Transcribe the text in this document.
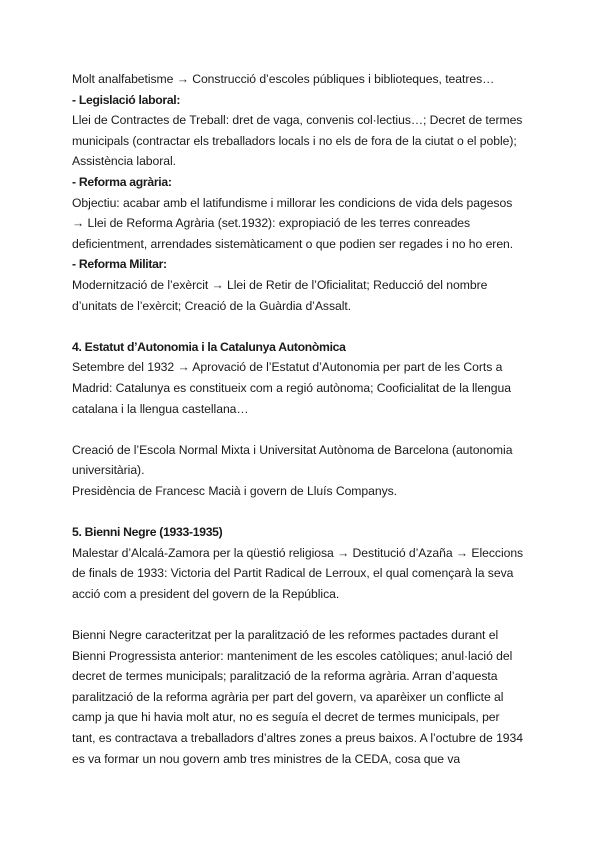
Molt analfabetisme → Construcció d’escoles públiques i biblioteques, teatres…
- Legislació laboral:
Llei de Contractes de Treball: dret de vaga, convenis col·lectius…; Decret de termes
municipals (contractar els treballadors locals i no els de fora de la ciutat o el poble);
Assistència laboral.
- Reforma agrària:
Objectiu: acabar amb el latifundisme i millorar les condicions de vida dels pagesos
→ Llei de Reforma Agrària (set.1932): expropiació de les terres conreades
deficientment, arrendades sistemàticament o que podien ser regades i no ho eren.
- Reforma Militar:
Modernització de l’exèrcit → Llei de Retir de l’Oficialitat; Reducció del nombre
d’unitats de l’exèrcit; Creació de la Guàrdia d’Assalt.
4. Estatut d’Autonomia i la Catalunya Autonòmica
Setembre del 1932 → Aprovació de l’Estatut d’Autonomia per part de les Corts a
Madrid: Catalunya es constitueix com a regió autònoma; Cooficialitat de la llengua
catalana i la llengua castellana…
Creació de l’Escola Normal Mixta i Universitat Autònoma de Barcelona (autonomia
universitària).
Presidència de Francesc Macià i govern de Lluís Companys.
5. Bienni Negre (1933-1935)
Malestar d’Alcalá-Zamora per la qüestió religiosa → Destitució d’Azaña → Eleccions
de finals de 1933: Victoria del Partit Radical de Lerroux, el qual començarà la seva
acció com a president del govern de la República.
Bienni Negre caracteritzat per la paralització de les reformes pactades durant el
Bienni Progressista anterior: manteniment de les escoles catòliques; anul·lació del
decret de termes municipals; paralització de la reforma agrària. Arran d’aquesta
paralització de la reforma agrària per part del govern, va aparèixer un conflicte al
camp ja que hi havia molt atur, no es seguía el decret de termes municipals, per
tant, es contractava a treballadors d’altres zones a preus baixos. A l’octubre de 1934
es va formar un nou govern amb tres ministres de la CEDA, cosa que va
